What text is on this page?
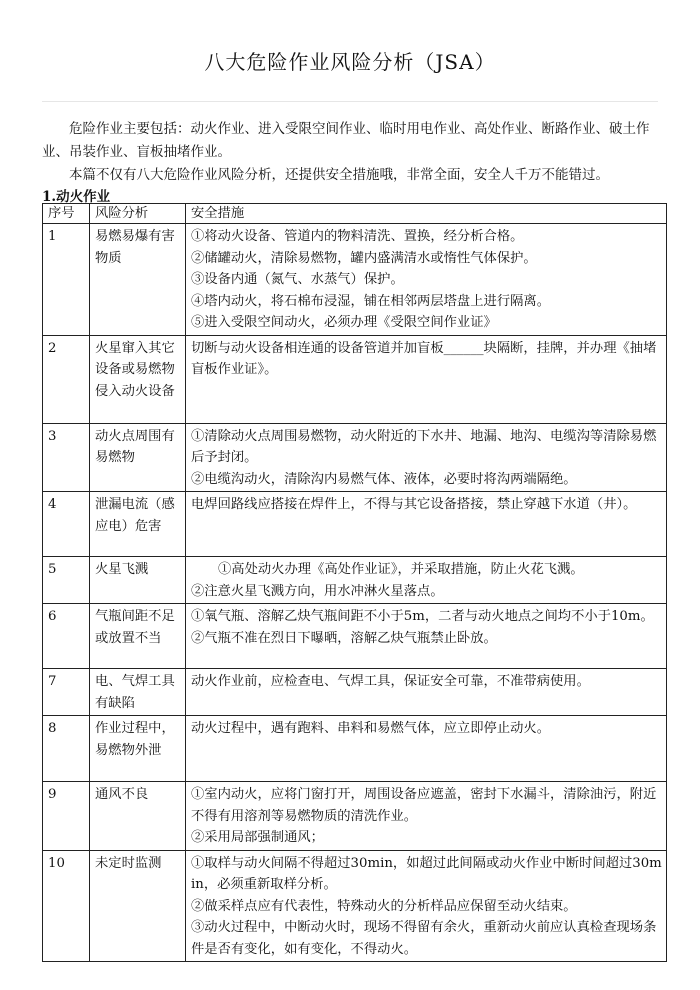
八大危险作业风险分析（JSA）

危险作业主要包括：动火作业、进入受限空间作业、临时用电作业、高处作业、断路作业、破土作业、吊装作业、盲板抽堵作业。

本篇不仅有八大危险作业风险分析，还提供安全措施哦，非常全面，安全人千万不能错过。

1.动火作业
序号	风险分析	安全措施
1	易燃易爆有害物质	①将动火设备、管道内的物料清洗、置换，经分析合格。
②储罐动火，清除易燃物，罐内盛满清水或惰性气体保护。
③设备内通（氮气、水蒸气）保护。
④塔内动火，将石棉布浸湿，铺在相邻两层塔盘上进行隔离。
⑤进入受限空间动火，必须办理《受限空间作业证》

2	火星窜入其它设备或易燃物侵入动火设备	切断与动火设备相连通的设备管道并加盲板______块隔断，挂牌，并办理《抽堵盲板作业证》。

3	动火点周围有易燃物	①清除动火点周围易燃物，动火附近的下水井、地漏、地沟、电缆沟等清除易燃后予封闭。
②电缆沟动火，清除沟内易燃气体、液体，必要时将沟两端隔绝。

4	泄漏电流（感应电）危害	电焊回路线应搭接在焊件上，不得与其它设备搭接，禁止穿越下水道（井）。

5	火星飞溅	①高处动火办理《高处作业证》，并采取措施，防止火花飞溅。
②注意火星飞溅方向，用水冲淋火星落点。

6	气瓶间距不足或放置不当	①氧气瓶、溶解乙炔气瓶间距不小于5m，二者与动火地点之间均不小于10m。
②气瓶不准在烈日下曝晒，溶解乙炔气瓶禁止卧放。

7	电、气焊工具有缺陷	动火作业前，应检查电、气焊工具，保证安全可靠，不准带病使用。

8	作业过程中，易燃物外泄	动火过程中，遇有跑料、串料和易燃气体，应立即停止动火。

9	通风不良	①室内动火，应将门窗打开，周围设备应遮盖，密封下水漏斗，清除油污，附近不得有用溶剂等易燃物质的清洗作业。
②采用局部强制通风；

10	未定时监测	①取样与动火间隔不得超过30min，如超过此间隔或动火作业中断时间超过30min，必须重新取样分析。
②做采样点应有代表性，特殊动火的分析样品应保留至动火结束。
③动火过程中，中断动火时，现场不得留有余火，重新动火前应认真检查现场条件是否有变化，如有变化，不得动火。
